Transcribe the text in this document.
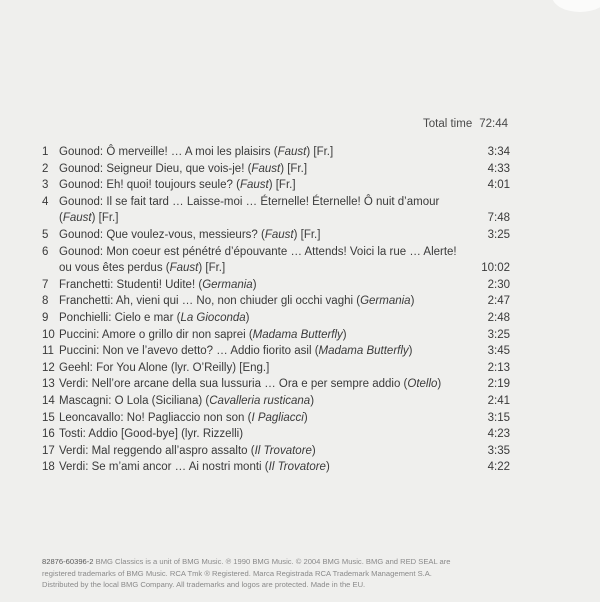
Total time 72:44
1 Gounod: Ô merveille! … A moi les plaisirs (Faust) [Fr.]	3:34
2 Gounod: Seigneur Dieu, que vois-je! (Faust) [Fr.]	4:33
3 Gounod: Eh! quoi! toujours seule? (Faust) [Fr.]	4:01
4 Gounod: Il se fait tard … Laisse-moi … Éternelle! Éternelle! Ô nuit d’amour (Faust) [Fr.]	7:48
5 Gounod: Que voulez-vous, messieurs? (Faust) [Fr.]	3:25
6 Gounod: Mon coeur est pénétré d’épouvante … Attends! Voici la rue … Alerte! ou vous êtes perdus (Faust) [Fr.]	10:02
7 Franchetti: Studenti! Udite! (Germania)	2:30
8 Franchetti: Ah, vieni qui … No, non chiuder gli occhi vaghi (Germania)	2:47
9 Ponchielli: Cielo e mar (La Gioconda)	2:48
10 Puccini: Amore o grillo dir non saprei (Madama Butterfly)	3:25
11 Puccini: Non ve l’avevo detto? … Addio fiorito asil (Madama Butterfly)	3:45
12 Geehl: For You Alone (lyr. O’Reilly) [Eng.]	2:13
13 Verdi: Nell’ore arcane della sua lussuria … Ora e per sempre addio (Otello)	2:19
14 Mascagni: O Lola (Siciliana) (Cavalleria rusticana)	2:41
15 Leoncavallo: No! Pagliaccio non son (I Pagliacci)	3:15
16 Tosti: Addio [Good-bye] (lyr. Rizzelli)	4:23
17 Verdi: Mal reggendo all’aspro assalto (Il Trovatore)	3:35
18 Verdi: Se m’ami ancor … Ai nostri monti (Il Trovatore)	4:22
82876-60396-2 BMG Classics is a unit of BMG Music. ℗ 1990 BMG Music. © 2004 BMG Music. BMG and RED SEAL are
registered trademarks of BMG Music. RCA Tmk ® Registered. Marca Registrada RCA Trademark Management S.A.
Distributed by the local BMG Company. All trademarks and logos are protected. Made in the EU.
